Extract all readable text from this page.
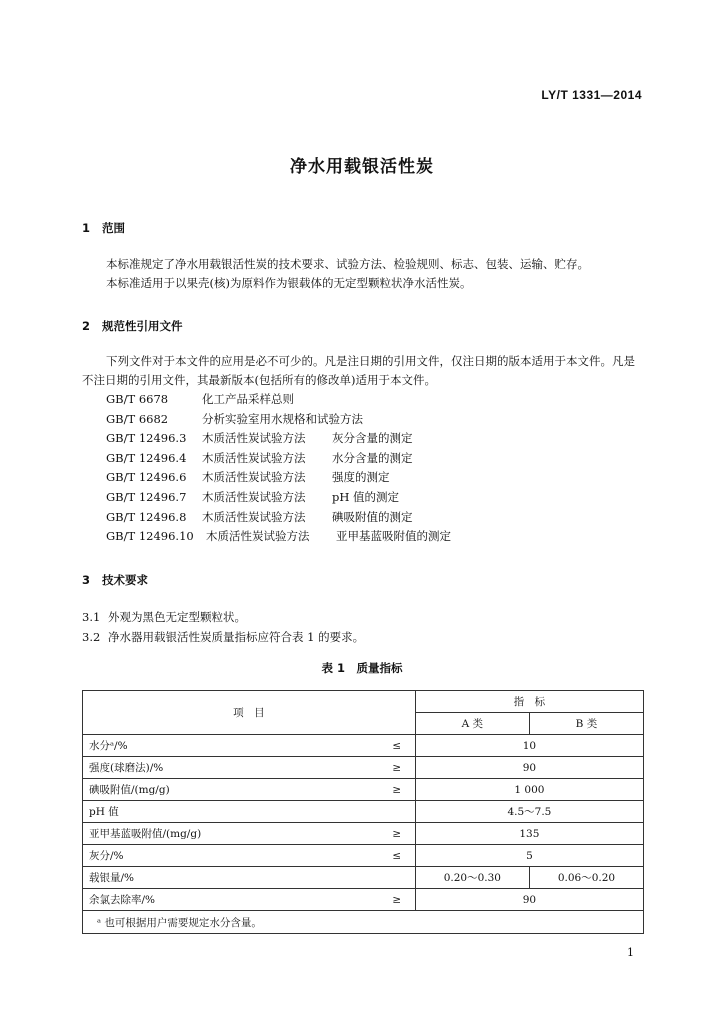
LY/T 1331—2014
净水用载银活性炭
1 范围
本标准规定了净水用载银活性炭的技术要求、试验方法、检验规则、标志、包装、运输、贮存。
本标准适用于以果壳(核)为原料作为银载体的无定型颗粒状净水活性炭。
2 规范性引用文件
下列文件对于本文件的应用是必不可少的。凡是注日期的引用文件，仅注日期的版本适用于本文件。凡是不注日期的引用文件，其最新版本(包括所有的修改单)适用于本文件。
GB/T 6678	化工产品采样总则
GB/T 6682	分析实验室用水规格和试验方法
GB/T 12496.3 木质活性炭试验方法 灰分含量的测定
GB/T 12496.4 木质活性炭试验方法 水分含量的测定
GB/T 12496.6 木质活性炭试验方法 强度的测定
GB/T 12496.7 木质活性炭试验方法 pH 值的测定
GB/T 12496.8 木质活性炭试验方法 碘吸附值的测定
GB/T 12496.10 木质活性炭试验方法 亚甲基蓝吸附值的测定
3 技术要求
3.1 外观为黑色无定型颗粒状。
3.2 净水器用载银活性炭质量指标应符合表 1 的要求。
表 1　质量指标
项　目		指　标	
		A 类	B 类
水分ᵃ/%	≤	10	
强度(球磨法)/%	≥	90	
碘吸附值/(mg/g)	≥	1 000	
pH 值		4.5～7.5	
亚甲基蓝吸附值/(mg/g)	≥	135	
灰分/%	≤	5	
载银量/%		0.20～0.30	0.06～0.20
余氯去除率/%	≥	90	
ᵃ 也可根据用户需要规定水分含量。			
1
